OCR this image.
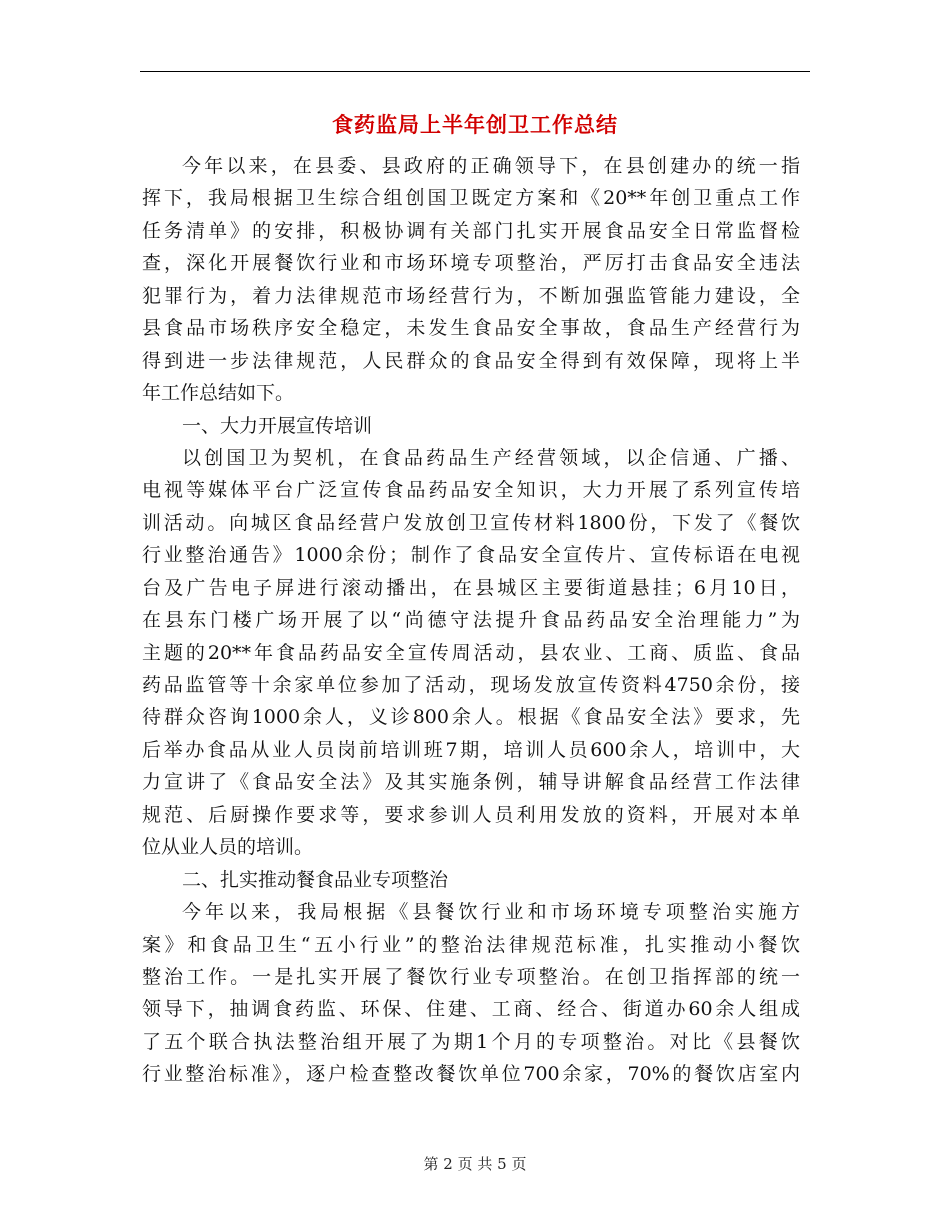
食药监局上半年创卫工作总结
今年以来，在县委、县政府的正确领导下，在县创建办的统一指
挥下，我局根据卫生综合组创国卫既定方案和《20**年创卫重点工作
任务清单》的安排，积极协调有关部门扎实开展食品安全日常监督检
查，深化开展餐饮行业和市场环境专项整治，严厉打击食品安全违法
犯罪行为，着力法律规范市场经营行为，不断加强监管能力建设，全
县食品市场秩序安全稳定，未发生食品安全事故，食品生产经营行为
得到进一步法律规范，人民群众的食品安全得到有效保障，现将上半
年工作总结如下。
一、大力开展宣传培训
以创国卫为契机，在食品药品生产经营领域，以企信通、广播、
电视等媒体平台广泛宣传食品药品安全知识，大力开展了系列宣传培
训活动。向城区食品经营户发放创卫宣传材料1800份，下发了《餐饮
行业整治通告》1000余份；制作了食品安全宣传片、宣传标语在电视
台及广告电子屏进行滚动播出，在县城区主要街道悬挂；6月10日，
在县东门楼广场开展了以“尚德守法提升食品药品安全治理能力”为
主题的20**年食品药品安全宣传周活动，县农业、工商、质监、食品
药品监管等十余家单位参加了活动，现场发放宣传资料4750余份，接
待群众咨询1000余人，义诊800余人。根据《食品安全法》要求，先
后举办食品从业人员岗前培训班7期，培训人员600余人，培训中，大
力宣讲了《食品安全法》及其实施条例，辅导讲解食品经营工作法律
规范、后厨操作要求等，要求参训人员利用发放的资料，开展对本单
位从业人员的培训。
二、扎实推动餐食品业专项整治
今年以来，我局根据《县餐饮行业和市场环境专项整治实施方
案》和食品卫生“五小行业”的整治法律规范标准，扎实推动小餐饮
整治工作。一是扎实开展了餐饮行业专项整治。在创卫指挥部的统一
领导下，抽调食药监、环保、住建、工商、经合、街道办60余人组成
了五个联合执法整治组开展了为期1个月的专项整治。对比《县餐饮
行业整治标准》，逐户检查整改餐饮单位700余家，70%的餐饮店室内
第 2 页 共 5 页
